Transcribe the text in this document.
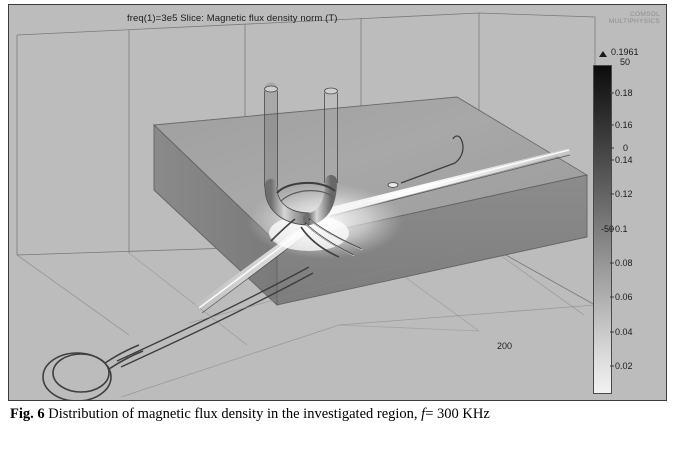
freq(1)=3e5 Slice: Magnetic flux density norm (T)	COMSOL
MULTIPHYSICS
200
0.1961
50
0.18
0.16
0
0.14
0.12
0.1
-50
0.08
0.06
0.04
0.02
Fig. 6 Distribution of magnetic flux density in the investigated region, f= 300 KHz
